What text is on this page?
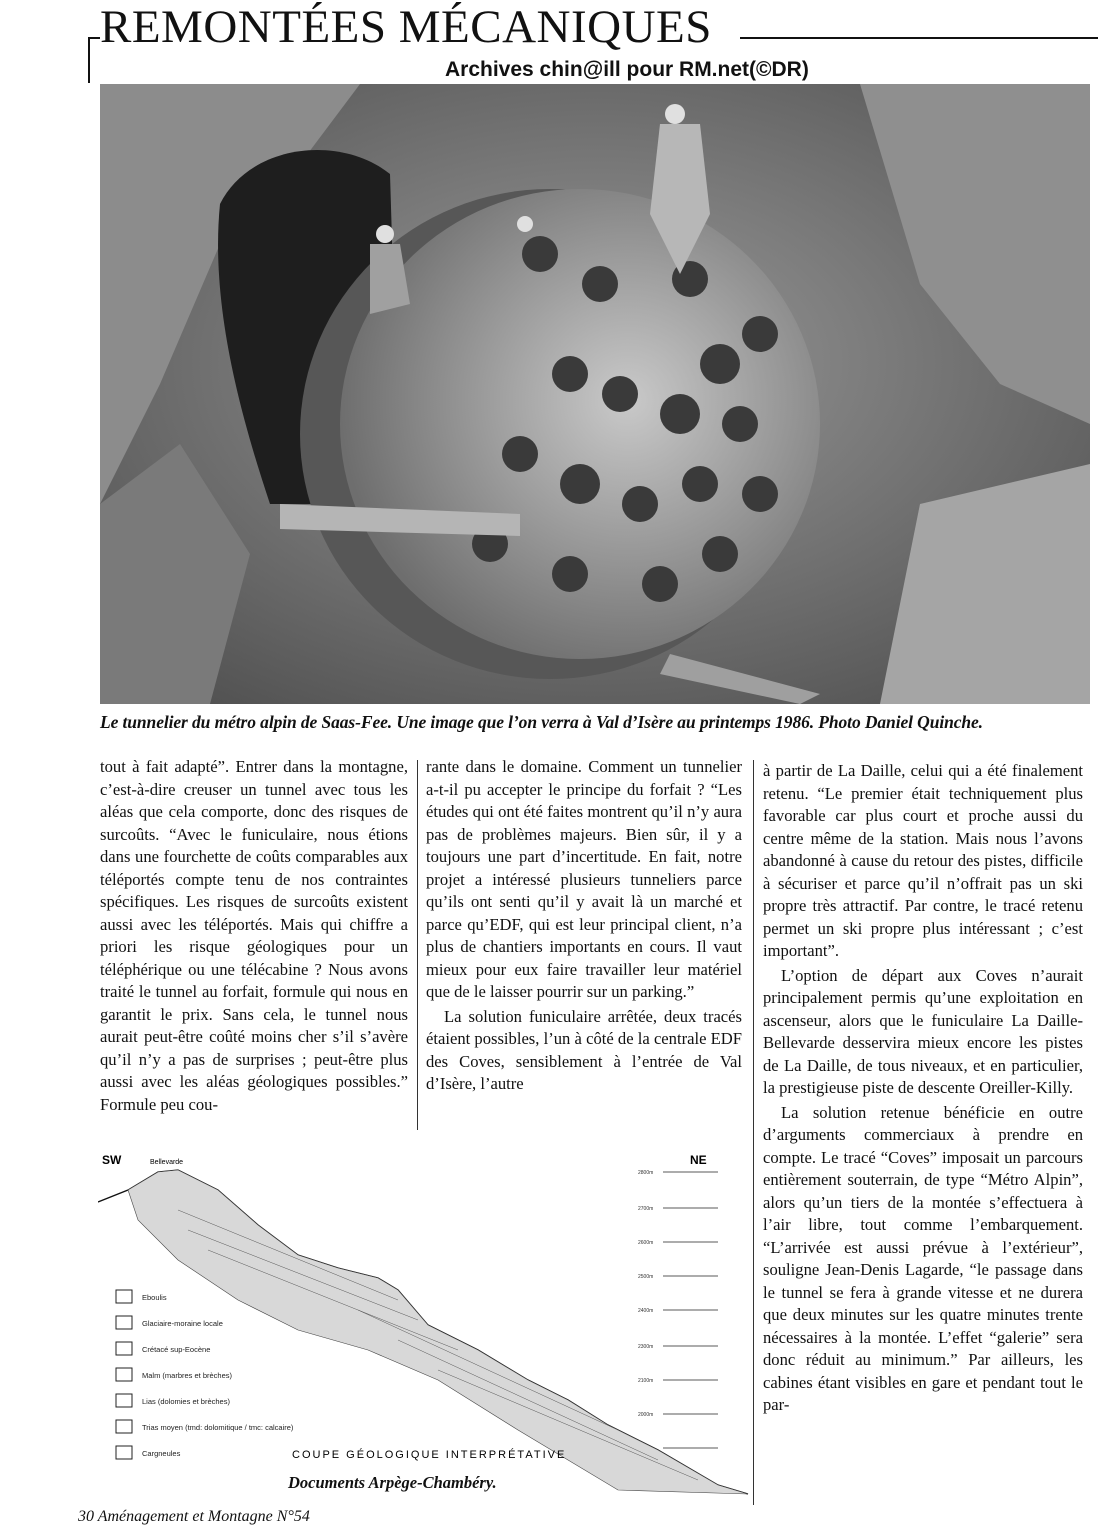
REMONTÉES MÉCANIQUES
Archives chin@ill pour RM.net(©DR)
Le tunnelier du métro alpin de Saas-Fee. Une image que l’on verra à Val d’Isère au printemps 1986. Photo Daniel Quinche.

tout à fait adapté”. Entrer dans la montagne, c’est-à-dire creuser un tunnel avec tous les aléas que cela comporte, donc des risques de surcoûts. “Avec le funiculaire, nous étions dans une fourchette de coûts comparables aux téléportés compte tenu de nos contraintes spécifiques. Les risques de surcoûts existent aussi avec les téléportés. Mais qui chiffre a priori les risque géologiques pour un téléphérique ou une télécabine ? Nous avons traité le tunnel au forfait, formule qui nous en garantit le prix. Sans cela, le tunnel nous aurait peut-être coûté moins cher s’il s’avère qu’il n’y a pas de surprises ; peut-être plus aussi avec les aléas géologiques possibles.” Formule peu cou-

rante dans le domaine. Comment un tunnelier a-t-il pu accepter le principe du forfait ? “Les études qui ont été faites montrent qu’il n’y aura pas de problèmes majeurs. Bien sûr, il y a toujours une part d’incertitude. En fait, notre projet a intéressé plusieurs tunneliers parce qu’ils ont senti qu’il y avait là un marché et parce qu’EDF, qui est leur principal client, n’a plus de chantiers importants en cours. Il vaut mieux pour eux faire travailler leur matériel que de le laisser pourrir sur un parking.”

La solution funiculaire arrêtée, deux tracés étaient possibles, l’un à côté de la centrale EDF des Coves, sensiblement à l’entrée de Val d’Isère, l’autre

à partir de La Daille, celui qui a été finalement retenu. “Le premier était techniquement plus favorable car plus court et proche aussi du centre même de la station. Mais nous l’avons abandonné à cause du retour des pistes, difficile à sécuriser et parce qu’il n’offrait pas un ski propre très attractif. Par contre, le tracé retenu permet un ski propre plus intéressant ; c’est important”.

L’option de départ aux Coves n’aurait principalement permis qu’une exploitation en ascenseur, alors que le funiculaire La Daille-Bellevarde desservira mieux encore les pistes de La Daille, de tous niveaux, et en particulier, la prestigieuse piste de descente Oreiller-Killy.

La solution retenue bénéficie en outre d’arguments commerciaux à prendre en compte. Le tracé “Coves” imposait un parcours entièrement souterrain, de type “Métro Alpin”, alors qu’un tiers de la montée s’effectuera à l’air libre, tout comme l’embarquement. “L’arrivée est aussi prévue à l’extérieur”, souligne Jean-Denis Lagarde, “le passage dans le tunnel se fera à grande vitesse et ne durera que deux minutes sur les quatre minutes trente nécessaires à la montée. L’effet “galerie” sera donc réduit au minimum.” Par ailleurs, les cabines étant visibles en gare et pendant tout le par-

2800m
2700m
2600m
2500m
2400m
2300m
2100m
2000m
SW	NE
Bellevarde
Eboulis
Glaciaire-moraine locale
Crétacé sup-Eocène
Malm (marbres et brèches)
Lias (dolomies et brèches)
Trias moyen (tmd: dolomitique / tmc: calcaire)
Cargneules	COUPE GÉOLOGIQUE INTERPRÉTATIVE
Documents Arpège-Chambéry.
30 Aménagement et Montagne N°54
